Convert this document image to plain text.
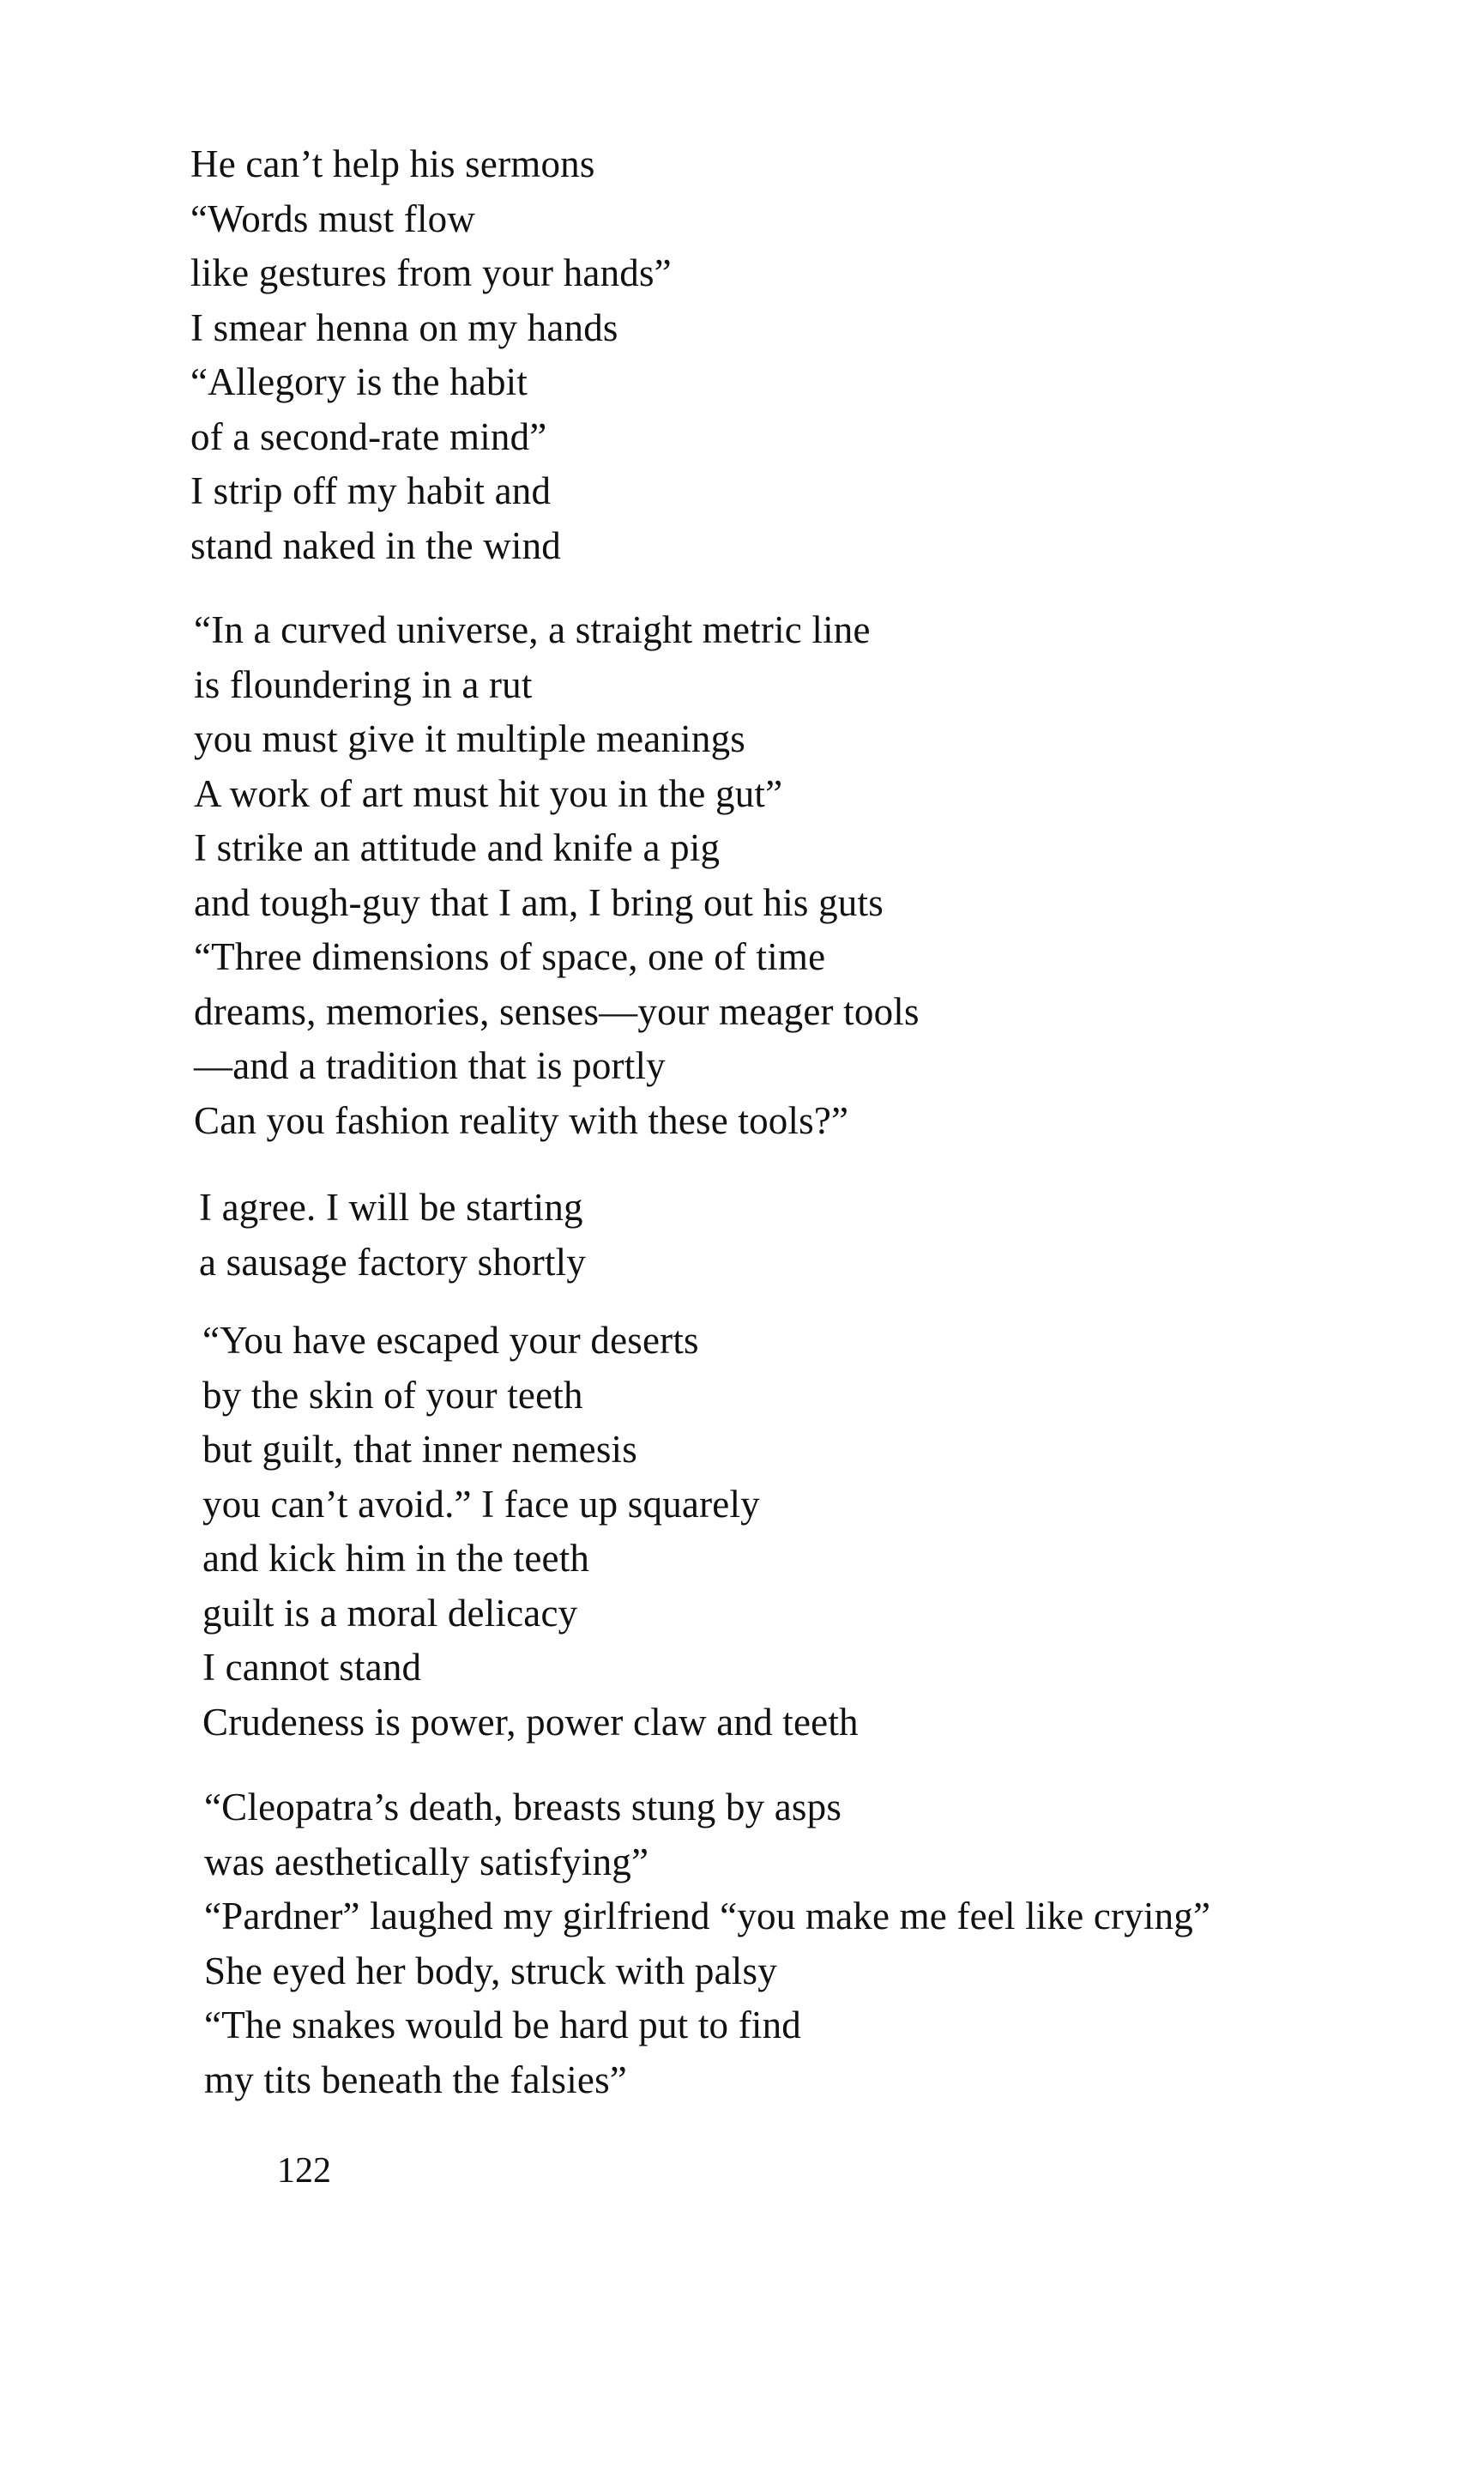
He can’t help his sermons
“Words must flow
like gestures from your hands”
I smear henna on my hands
“Allegory is the habit
of a second-rate mind”
I strip off my habit and
stand naked in the wind
“In a curved universe, a straight metric line
is floundering in a rut
you must give it multiple meanings
A work of art must hit you in the gut”
I strike an attitude and knife a pig
and tough-guy that I am, I bring out his guts
“Three dimensions of space, one of time
dreams, memories, senses—your meager tools
—and a tradition that is portly
Can you fashion reality with these tools?”
I agree. I will be starting
a sausage factory shortly
“You have escaped your deserts
by the skin of your teeth
but guilt, that inner nemesis
you can’t avoid.” I face up squarely
and kick him in the teeth
guilt is a moral delicacy
I cannot stand
Crudeness is power, power claw and teeth
“Cleopatra’s death, breasts stung by asps
was aesthetically satisfying”
“Pardner” laughed my girlfriend “you make me feel like crying”
She eyed her body, struck with palsy
“The snakes would be hard put to find
my tits beneath the falsies”
122
